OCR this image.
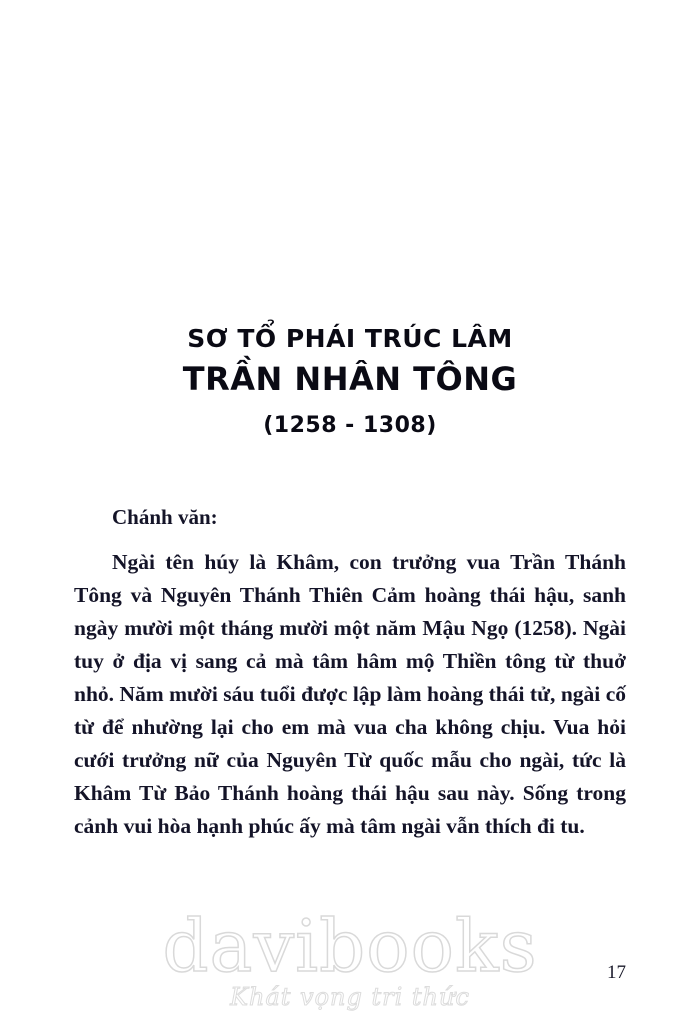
SƠ TỔ PHÁI TRÚC LÂM
TRẦN NHÂN TÔNG
(1258 - 1308)
Chánh văn:

Ngài tên húy là Khâm, con trưởng vua Trần Thánh Tông và Nguyên Thánh Thiên Cảm hoàng thái hậu, sanh ngày mười một tháng mười một năm Mậu Ngọ (1258). Ngài tuy ở địa vị sang cả mà tâm hâm mộ Thiền tông từ thuở nhỏ. Năm mười sáu tuổi được lập làm hoàng thái tử, ngài cố từ để nhường lại cho em mà vua cha không chịu. Vua hỏi cưới trưởng nữ của Nguyên Từ quốc mẫu cho ngài, tức là Khâm Từ Bảo Thánh hoàng thái hậu sau này. Sống trong cảnh vui hòa hạnh phúc ấy mà tâm ngài vẫn thích đi tu.

17
davibooks
Khát vọng tri thức
